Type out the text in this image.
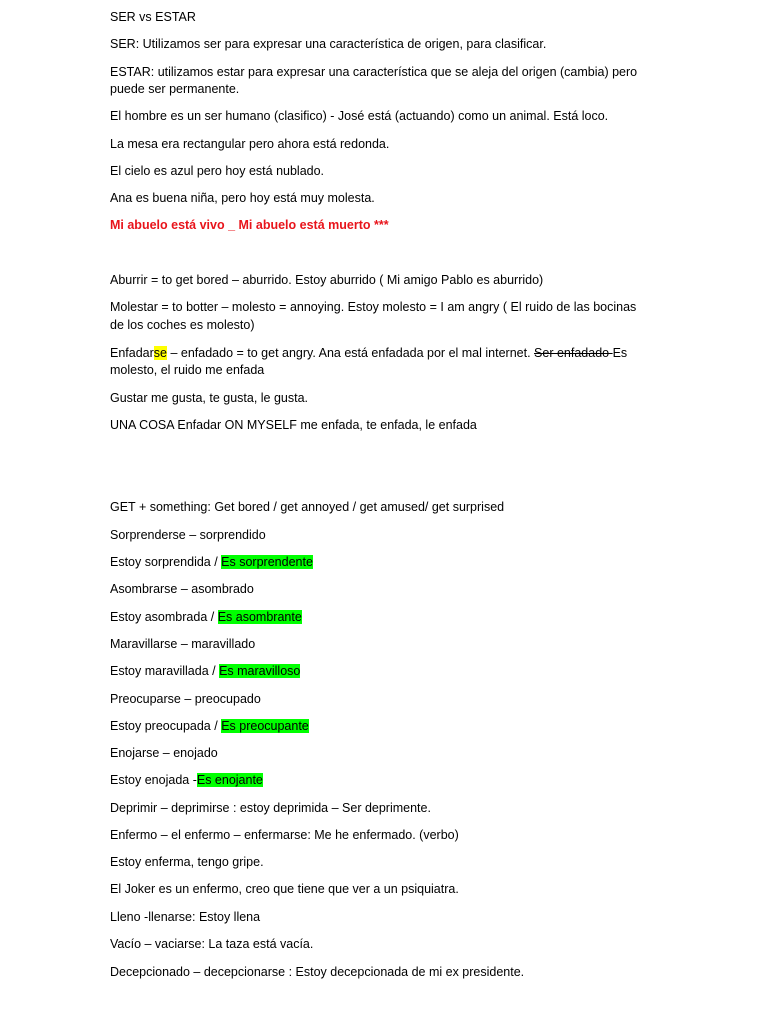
SER vs ESTAR
SER: Utilizamos ser para expresar una característica de origen, para clasificar.
ESTAR: utilizamos estar para expresar una característica que se aleja del origen (cambia) pero
puede ser permanente.
El hombre es un ser humano (clasifico) - José está (actuando) como un animal. Está loco.
La mesa era rectangular pero ahora está redonda.
El cielo es azul pero hoy está nublado.
Ana es buena niña, pero hoy está muy molesta.
Mi abuelo está vivo _ Mi abuelo está muerto ***
Aburrir = to get bored – aburrido. Estoy aburrido ( Mi amigo Pablo es aburrido)
Molestar = to botter – molesto = annoying. Estoy molesto = I am angry ( El ruido de las bocinas
de los coches es molesto)
Enfadarse – enfadado = to get angry. Ana está enfadada por el mal internet. Ser enfadado Es
molesto, el ruido me enfada
Gustar me gusta, te gusta, le gusta.
UNA COSA Enfadar ON MYSELF me enfada, te enfada, le enfada
GET + something: Get bored / get annoyed / get amused/ get surprised
Sorprenderse – sorprendido
Estoy sorprendida / Es sorprendente
Asombrarse – asombrado
Estoy asombrada / Es asombrante
Maravillarse – maravillado
Estoy maravillada / Es maravilloso
Preocuparse – preocupado
Estoy preocupada / Es preocupante
Enojarse – enojado
Estoy enojada -Es enojante
Deprimir – deprimirse : estoy deprimida – Ser deprimente.
Enfermo – el enfermo – enfermarse: Me he enfermado. (verbo)
Estoy enferma, tengo gripe.
El Joker es un enfermo, creo que tiene que ver a un psiquiatra.
Lleno -llenarse: Estoy llena
Vacío – vaciarse: La taza está vacía.
Decepcionado – decepcionarse : Estoy decepcionada de mi ex presidente.
